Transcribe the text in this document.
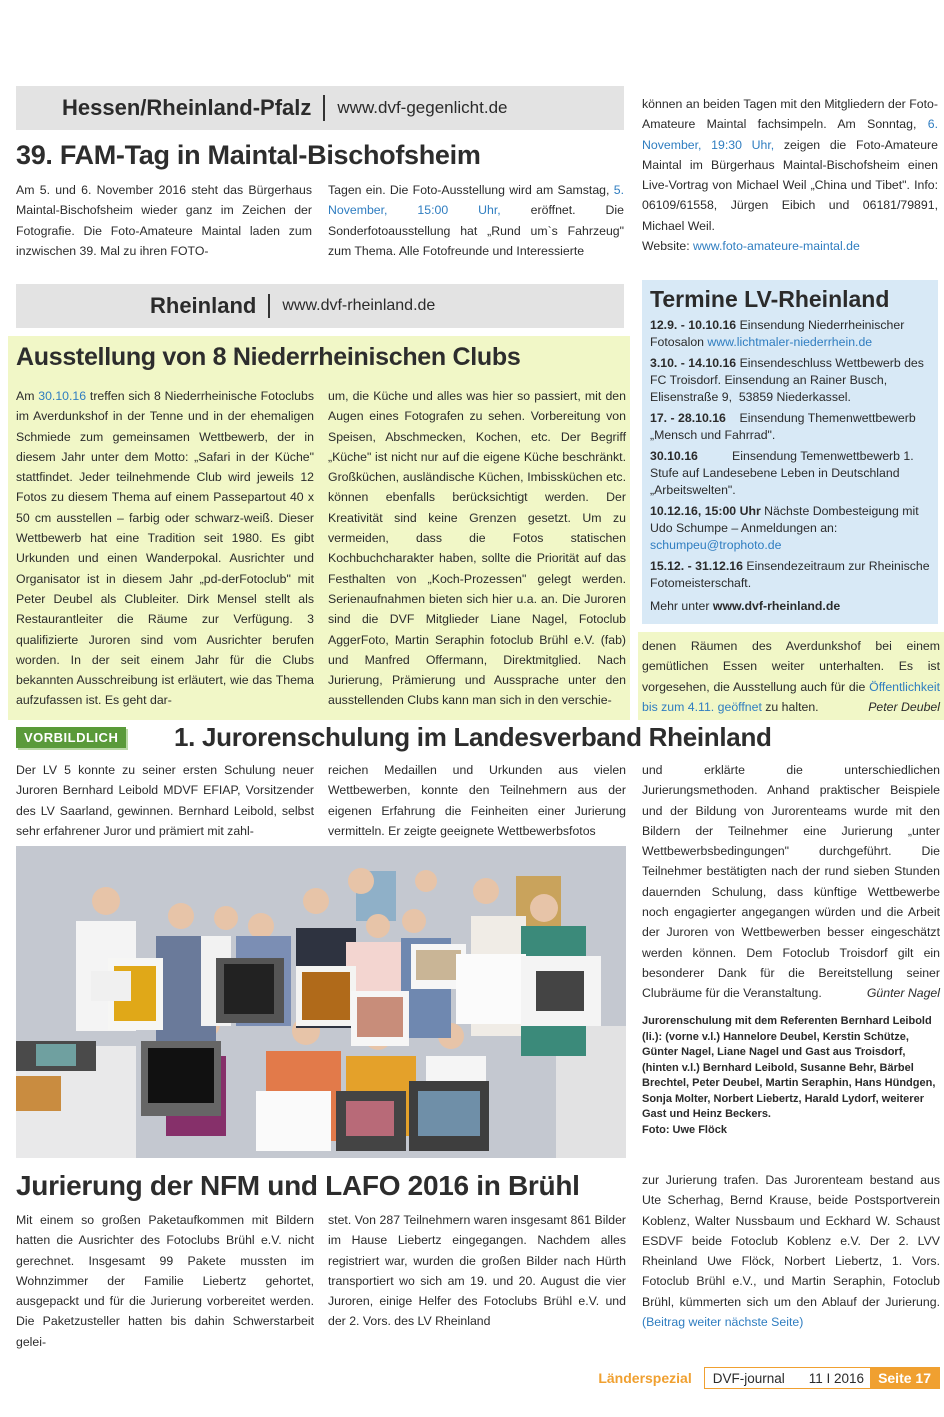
Hessen/Rheinland-Pfalz www.dvf-gegenlicht.de
39. FAM-Tag in Maintal-Bischofsheim

Am 5. und 6. November 2016 steht das Bürgerhaus Maintal-Bischofsheim wieder ganz im Zeichen der Fotografie. Die Foto-Amateure Maintal laden zum inzwischen 39. Mal zu ihren FOTO-

Tagen ein. Die Foto-Ausstellung wird am Samstag, 5. November, 15:00 Uhr, eröffnet. Die Sonderfotoausstellung hat „Rund um`s Fahrzeug" zum Thema. Alle Fotofreunde und Interessierte

können an beiden Tagen mit den Mitgliedern der Foto-Amateure Maintal fachsimpeln. Am Sonntag, 6. November, 19:30 Uhr, zeigen die Foto-Amateure Maintal im Bürgerhaus Maintal-Bischofsheim einen Live-Vortrag von Michael Weil „China und Tibet". Info: 06109/61558, Jürgen Eibich und 06181/79891, Michael Weil.

Website: www.foto-amateure-maintal.de

Rheinland www.dvf-rheinland.de
Ausstellung von 8 Niederrheinischen Clubs

Am 30.10.16 treffen sich 8 Niederrheinische Fotoclubs im Averdunkshof in der Tenne und in der ehemaligen Schmiede zum gemeinsamen Wettbewerb, der in diesem Jahr unter dem Motto: „Safari in der Küche" stattfindet. Jeder teilnehmende Club wird jeweils 12 Fotos zu diesem Thema auf einem Passepartout 40 x 50 cm ausstellen – farbig oder schwarz-weiß. Dieser Wettbewerb hat eine Tradition seit 1980. Es gibt Urkunden und einen Wanderpokal. Ausrichter und Organisator ist in diesem Jahr „pd-derFotoclub" mit Peter Deubel als Clubleiter. Dirk Mensel stellt als Restaurantleiter die Räume zur Verfügung. 3 qualifizierte Juroren sind vom Ausrichter berufen worden. In der seit einem Jahr für die Clubs bekannten Ausschreibung ist erläutert, wie das Thema aufzufassen ist. Es geht dar-

um, die Küche und alles was hier so passiert, mit den Augen eines Fotografen zu sehen. Vorbereitung von Speisen, Abschmecken, Kochen, etc. Der Begriff „Küche" ist nicht nur auf die eigene Küche beschränkt. Großküchen, ausländische Küchen, Imbissküchen etc. können ebenfalls berücksichtigt werden. Der Kreativität sind keine Grenzen gesetzt. Um zu vermeiden, dass die Fotos statischen Kochbuchcharakter haben, sollte die Priorität auf das Festhalten von „Koch-Prozessen" gelegt werden. Serienaufnahmen bieten sich hier u.a. an. Die Juroren sind die DVF Mitglieder Liane Nagel, Fotoclub AggerFoto, Martin Seraphin fotoclub Brühl e.V. (fab) und Manfred Offermann, Direktmitglied. Nach Jurierung, Prämierung und Aussprache unter den ausstellenden Clubs kann man sich in den verschie-

denen Räumen des Averdunkshof bei einem gemütlichen Essen weiter unterhalten. Es ist vorgesehen, die Ausstellung auch für die Öffentlichkeit bis zum 4.11. geöffnet zu halten.	Peter Deubel

Termine LV-Rheinland
12.9. - 10.10.16 Einsendung Niederrheinischer Fotosalon www.lichtmaler-niederrhein.de
3.10. - 14.10.16 Einsendeschluss Wettbewerb des FC Troisdorf. Einsendung an Rainer Busch, Elisenstraße 9,  53859 Niederkassel.
17. - 28.10.16    Einsendung Themenwettbewerb „Mensch und Fahrrad".
30.10.16          Einsendung Temenwettbewerb 1. Stufe auf Landesebene Leben in Deutschland „Arbeitswelten".
10.12.16, 15:00 Uhr Nächste Dombesteigung mit Udo Schumpe – Anmeldungen an: schumpeu@trophoto.de
15.12. - 31.12.16 Einsendezeitraum zur Rheinische Fotomeisterschaft.
Mehr unter www.dvf-rheinland.de
VORBILDLICH	1. Jurorenschulung im Landesverband Rheinland

Der LV 5 konnte zu seiner ersten Schulung neuer Juroren Bernhard Leibold MDVF EFIAP, Vorsitzender des LV Saarland, gewinnen. Bernhard Leibold, selbst sehr erfahrener Juror und prämiert mit zahl-

reichen Medaillen und Urkunden aus vielen Wettbewerben, konnte den Teilnehmern aus der eigenen Erfahrung die Feinheiten einer Jurierung vermitteln. Er zeigte geeignete Wettbewerbsfotos

und erklärte die unterschiedlichen Jurierungsmethoden. Anhand praktischer Beispiele und der Bildung von Jurorenteams wurde mit den Bildern der Teilnehmer eine Jurierung „unter Wettbewerbsbedingungen" durchgeführt. Die Teilnehmer bestätigten nach der rund sieben Stunden dauernden Schulung, dass künftige Wettbewerbe noch engagierter angegangen würden und die Arbeit der Juroren von Wettbewerben besser eingeschätzt werden können. Dem Fotoclub Troisdorf gilt ein besonderer Dank für die Bereitstellung seiner Clubräume für die Veranstaltung.	Günter Nagel

Jurorenschulung mit dem Referenten Bernhard Leibold (li.): (vorne v.l.) Hannelore Deubel, Kerstin Schütze, Günter Nagel, Liane Nagel und Gast aus Troisdorf, (hinten v.l.) Bernhard Leibold, Susanne Behr, Bärbel Brechtel, Peter Deubel, Martin Seraphin, Hans Hündgen, Sonja Molter, Norbert Liebertz, Harald Lydorf, weiterer Gast und Heinz Beckers.
Foto: Uwe Flöck
Jurierung der NFM und LAFO 2016 in Brühl

Mit einem so großen Paketaufkommen mit Bildern hatten die Ausrichter des Fotoclubs Brühl e.V. nicht gerechnet. Insgesamt 99 Pakete mussten im Wohnzimmer der Familie Liebertz gehortet, ausgepackt und für die Jurierung vorbereitet werden. Die Paketzusteller hatten bis dahin Schwerstarbeit gelei-

stet. Von 287 Teilnehmern waren insgesamt 861 Bilder im Hause Liebertz eingegangen. Nachdem alles registriert war, wurden die großen Bilder nach Hürth transportiert wo sich am 19. und 20. August die vier Juroren, einige Helfer des Fotoclubs Brühl e.V. und der 2. Vors. des LV Rheinland

zur Jurierung trafen. Das Jurorenteam bestand aus Ute Scherhag, Bernd Krause, beide Postsportverein Koblenz, Walter Nussbaum und Eckhard W. Schaust ESDVF beide Fotoclub Koblenz e.V. Der 2. LVV Rheinland Uwe Flöck, Norbert Liebertz, 1. Vors. Fotoclub Brühl e.V., und Martin Seraphin, Fotoclub Brühl, kümmerten sich um den Ablauf der Jurierung. (Beitrag weiter nächste Seite)

Länderspezial	DVF-journal	11 I 2016	Seite 17
